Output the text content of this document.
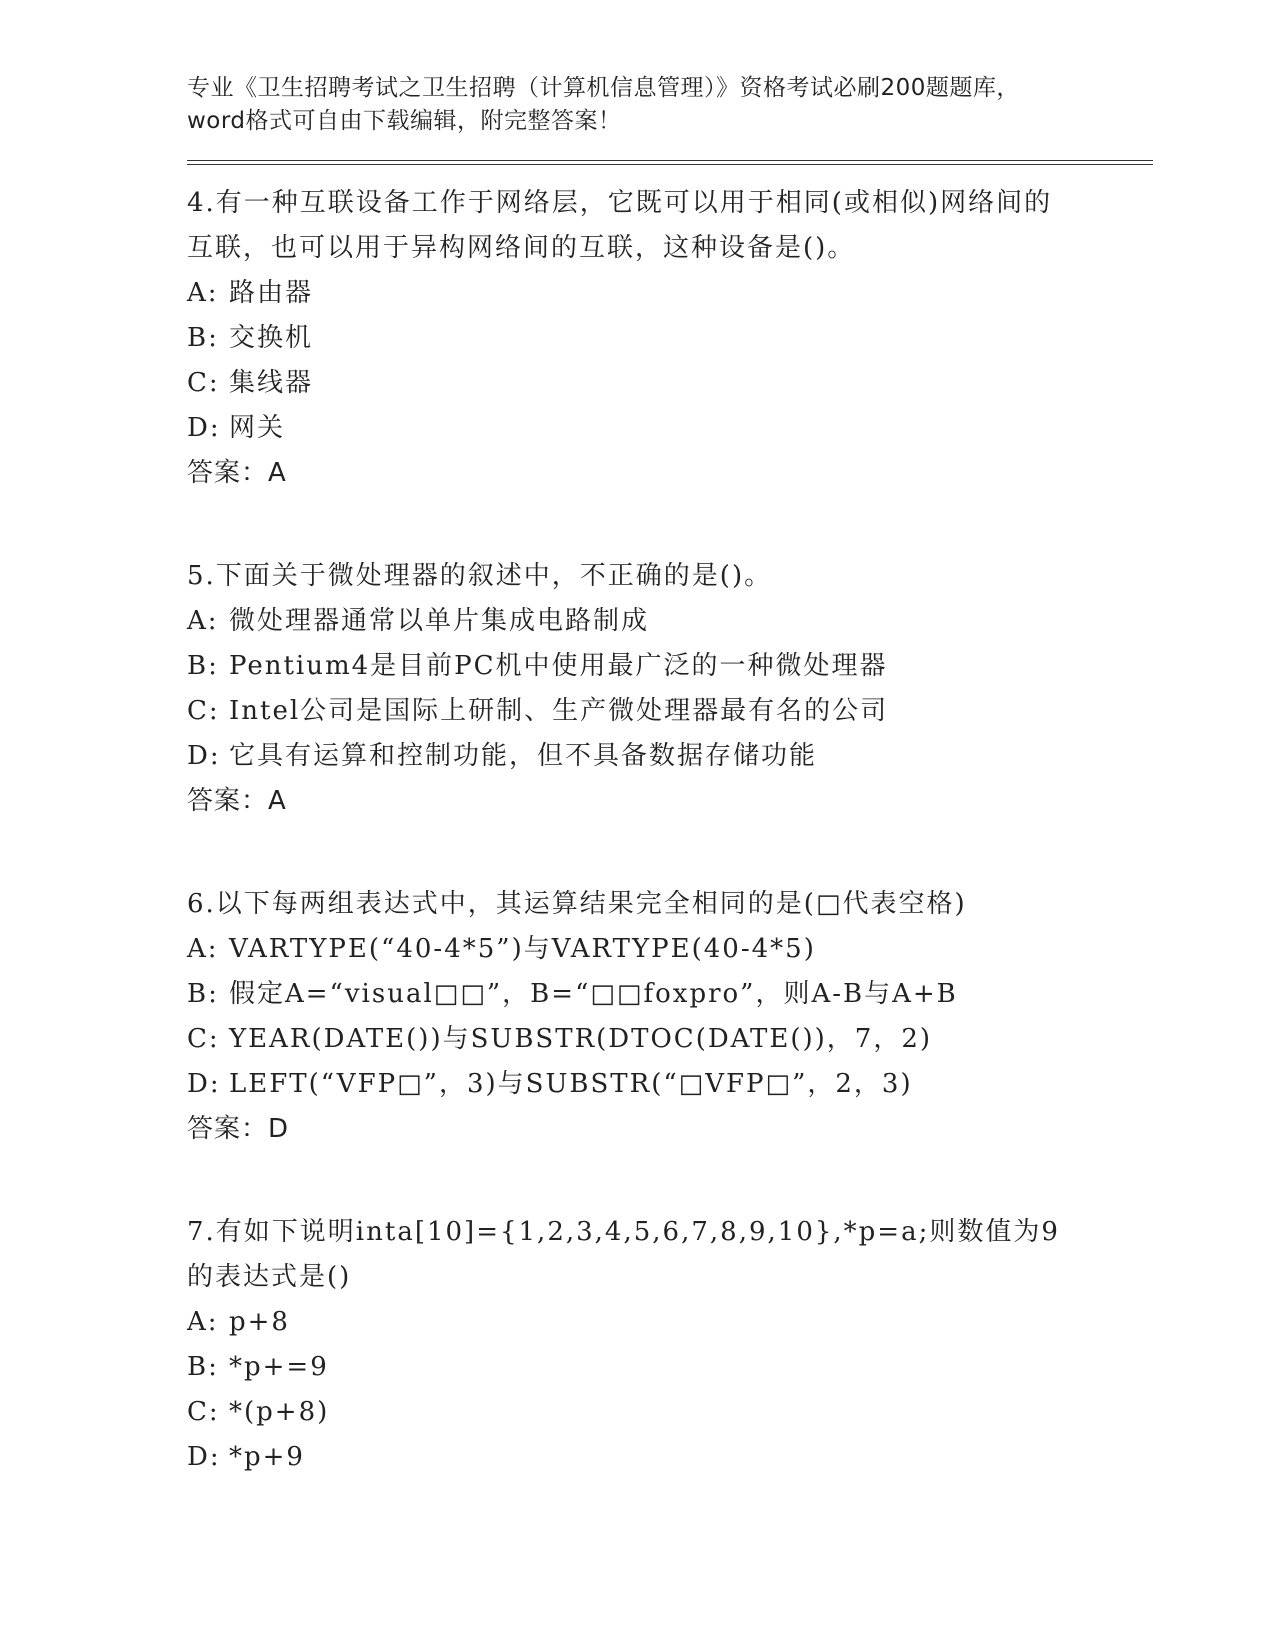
专业《卫生招聘考试之卫生招聘（计算机信息管理）》资格考试必刷200题题库，
word格式可自由下载编辑，附完整答案！
4.有一种互联设备工作于网络层，它既可以用于相同(或相似)网络间的互联，也可以用于异构网络间的互联，这种设备是()。
A: 路由器
B: 交换机
C: 集线器
D: 网关
答案：A
5.下面关于微处理器的叙述中，不正确的是()。
A: 微处理器通常以单片集成电路制成
B: Pentium4是目前PC机中使用最广泛的一种微处理器
C: Intel公司是国际上研制、生产微处理器最有名的公司
D: 它具有运算和控制功能，但不具备数据存储功能
答案：A
6.以下每两组表达式中，其运算结果完全相同的是(□代表空格)
A: VARTYPE(“40-4*5”)与VARTYPE(40-4*5)
B: 假定A=“visual□□”，B=“□□foxpro”，则A-B与A+B
C: YEAR(DATE())与SUBSTR(DTOC(DATE())，7，2)
D: LEFT(“VFP□”，3)与SUBSTR(“□VFP□”，2，3)
答案：D
7.有如下说明inta[10]={1,2,3,4,5,6,7,8,9,10},*p=a;则数值为9的表达式是()
A: p+8
B: *p+=9
C: *(p+8)
D: *p+9
